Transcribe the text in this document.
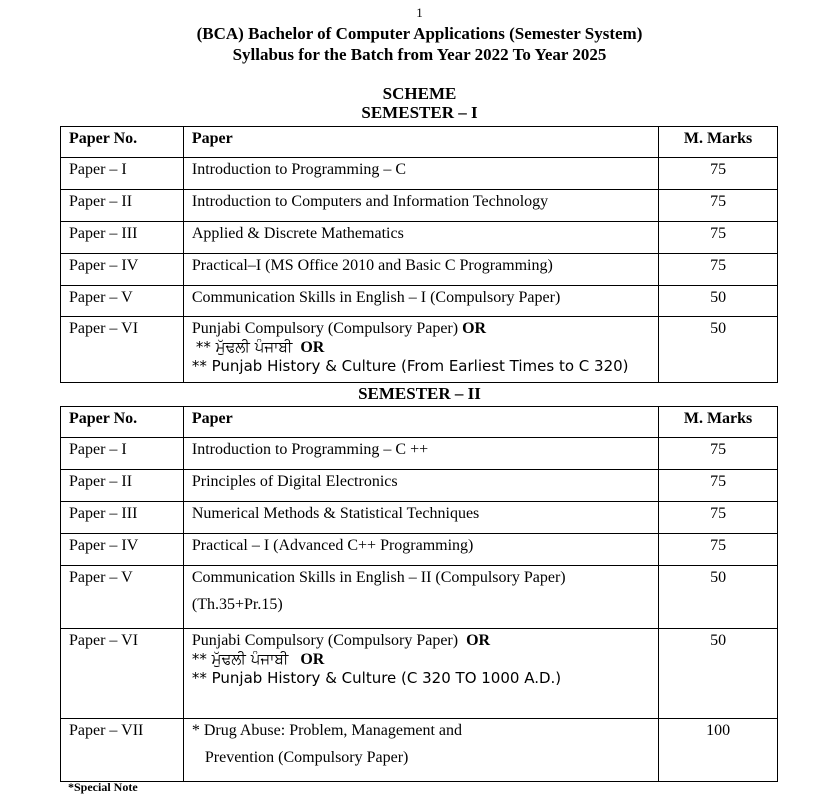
1
(BCA) Bachelor of Computer Applications (Semester System)
Syllabus for the Batch from Year 2022 To Year 2025
SCHEME
SEMESTER – I
Paper No.	Paper	M. Marks
Paper – I	Introduction to Programming – C	75
Paper – II	Introduction to Computers and Information Technology	75
Paper – III	Applied & Discrete Mathematics	75
Paper – IV	Practical–I (MS Office 2010 and Basic C Programming)	75
Paper – V	Communication Skills in English – I (Compulsory Paper)	50
Paper – VI	Punjabi Compulsory (Compulsory Paper) OR
** ਮੁੱਢਲੀ ਪੰਜਾਬੀ OR
** Punjab History & Culture (From Earliest Times to C 320)	50
SEMESTER – II
Paper No.	Paper	M. Marks
Paper – I	Introduction to Programming – C ++	75
Paper – II	Principles of Digital Electronics	75
Paper – III	Numerical Methods & Statistical Techniques	75
Paper – IV	Practical – I (Advanced C++ Programming)	75
Paper – V	Communication Skills in English – II (Compulsory Paper)
(Th.35+Pr.15)	50
Paper – VI	Punjabi Compulsory (Compulsory Paper) OR
** ਮੁੱਢਲੀ ਪੰਜਾਬੀ OR
** Punjab History & Culture (C 320 TO 1000 A.D.)	50
Paper – VII	* Drug Abuse: Problem, Management and
Prevention (Compulsory Paper)	100
*Special Note
